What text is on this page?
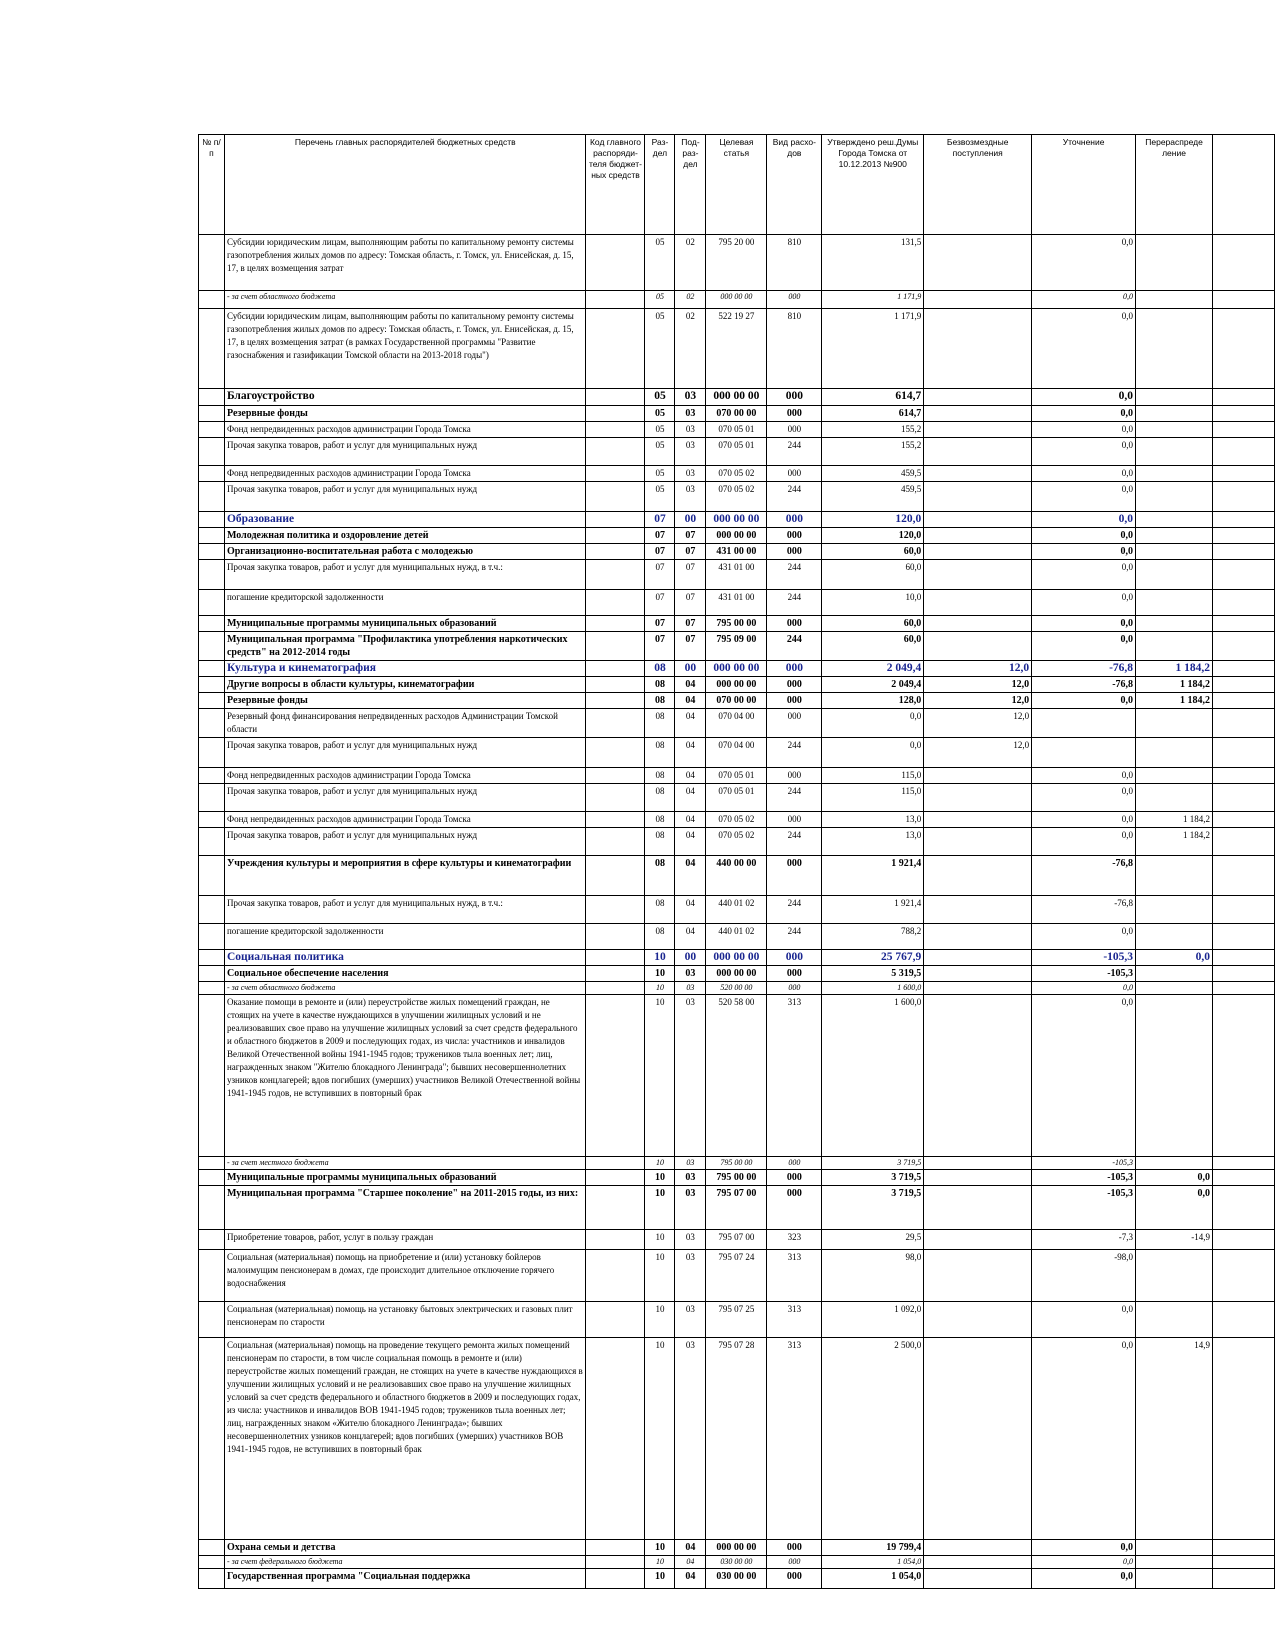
№ п/п	Перечень главных распорядителей бюджетных средств	Код главного распоряди-теля бюджет-ных средств	Раз-дел	Под-раз-дел	Целевая статья	Вид расхо-дов	Утверждено реш.Думы Города Томска от 10.12.2013 №900	Безвозмездные поступления	Уточнение	Перераспреде ление	
	Субсидии юридическим лицам, выполняющим работы по капитальному ремонту системы газопотребления жилых домов по адресу: Томская область, г. Томск, ул. Енисейская, д. 15, 17, в целях возмещения затрат		05	02	795 20 00	810	131,5		0,0		
	- за счет областного бюджета		05	02	000 00 00	000	1 171,9		0,0		
	Субсидии юридическим лицам, выполняющим работы по капитальному ремонту системы газопотребления жилых домов по адресу: Томская область, г. Томск, ул. Енисейская, д. 15, 17, в целях возмещения затрат (в рамках Государственной программы "Развитие газоснабжения и газификации Томской области на 2013-2018 годы")		05	02	522 19 27	810	1 171,9		0,0		
	Благоустройство		05	03	000 00 00	000	614,7		0,0		
	Резервные фонды		05	03	070 00 00	000	614,7		0,0		
	Фонд непредвиденных расходов администрации Города Томска		05	03	070 05 01	000	155,2		0,0		
	Прочая закупка товаров, работ и услуг для муниципальных нужд		05	03	070 05 01	244	155,2		0,0		
	Фонд непредвиденных расходов администрации Города Томска		05	03	070 05 02	000	459,5		0,0		
	Прочая закупка товаров, работ и услуг для муниципальных нужд		05	03	070 05 02	244	459,5		0,0		
	Образование		07	00	000 00 00	000	120,0		0,0		
	Молодежная политика и оздоровление детей		07	07	000 00 00	000	120,0		0,0		
	Организационно-воспитательная работа с молодежью		07	07	431 00 00	000	60,0		0,0		
	Прочая закупка товаров, работ и услуг для муниципальных нужд, в т.ч.:		07	07	431 01 00	244	60,0		0,0		
	погашение кредиторской задолженности		07	07	431 01 00	244	10,0		0,0		
	Муниципальные программы муниципальных образований		07	07	795 00 00	000	60,0		0,0		
	Муниципальная программа "Профилактика употребления наркотических средств" на 2012-2014 годы		07	07	795 09 00	244	60,0		0,0		
	Культура и кинематография		08	00	000 00 00	000	2 049,4	12,0	-76,8	1 184,2	
	Другие вопросы в области культуры, кинематографии		08	04	000 00 00	000	2 049,4	12,0	-76,8	1 184,2	
	Резервные фонды		08	04	070 00 00	000	128,0	12,0	0,0	1 184,2	
	Резервный фонд финансирования непредвиденных расходов Администрации Томской области		08	04	070 04 00	000	0,0	12,0			
	Прочая закупка товаров, работ и услуг для муниципальных нужд		08	04	070 04 00	244	0,0	12,0			
	Фонд непредвиденных расходов администрации Города Томска		08	04	070 05 01	000	115,0		0,0		
	Прочая закупка товаров, работ и услуг для муниципальных нужд		08	04	070 05 01	244	115,0		0,0		
	Фонд непредвиденных расходов администрации Города Томска		08	04	070 05 02	000	13,0		0,0	1 184,2	
	Прочая закупка товаров, работ и услуг для муниципальных нужд		08	04	070 05 02	244	13,0		0,0	1 184,2	
	Учреждения культуры и мероприятия в сфере культуры и кинематографии		08	04	440 00 00	000	1 921,4		-76,8		
	Прочая закупка товаров, работ и услуг для муниципальных нужд, в т.ч.:		08	04	440 01 02	244	1 921,4		-76,8		
	погашение кредиторской задолженности		08	04	440 01 02	244	788,2		0,0		
	Социальная политика		10	00	000 00 00	000	25 767,9		-105,3	0,0	
	Социальное обеспечение населения		10	03	000 00 00	000	5 319,5		-105,3		
	- за счет областного бюджета		10	03	520 00 00	000	1 600,0		0,0		
	Оказание помощи в ремонте и (или) переустройстве жилых помещений граждан, не стоящих на учете в качестве нуждающихся в улучшении жилищных условий и не реализовавших свое право на улучшение жилищных условий за счет средств федерального и областного бюджетов в 2009 и последующих годах, из числа: участников и инвалидов Великой Отечественной войны 1941-1945 годов; тружеников тыла военных лет; лиц, награжденных знаком "Жителю блокадного Ленинграда"; бывших несовершеннолетних узников концлагерей; вдов погибших (умерших) участников Великой Отечественной войны 1941-1945 годов, не вступивших в повторный брак		10	03	520 58 00	313	1 600,0		0,0		
	- за счет местного бюджета		10	03	795 00 00	000	3 719,5		-105,3		
	Муниципальные программы муниципальных образований		10	03	795 00 00	000	3 719,5		-105,3	0,0	
	Муниципальная программа "Старшее поколение" на 2011-2015 годы, из них:		10	03	795 07 00	000	3 719,5		-105,3	0,0	
	Приобретение товаров, работ, услуг в пользу граждан		10	03	795 07 00	323	29,5		-7,3	-14,9	
	Социальная (материальная) помощь на приобретение и (или) установку бойлеров малоимущим пенсионерам в домах, где происходит длительное отключение горячего водоснабжения		10	03	795 07 24	313	98,0		-98,0		
	Социальная (материальная) помощь на установку бытовых электрических и газовых плит пенсионерам по старости		10	03	795 07 25	313	1 092,0		0,0		
	Социальная (материальная) помощь на проведение текущего ремонта жилых помещений пенсионерам по старости, в том числе социальная помощь в ремонте и (или) переустройстве жилых помещений граждан, не стоящих на учете в качестве нуждающихся в улучшении жилищных условий и не реализовавших свое право на улучшение жилищных условий за счет средств федерального и областного бюджетов в 2009 и последующих годах, из числа: участников и инвалидов ВОВ 1941-1945 годов; тружеников тыла военных лет; лиц, награжденных знаком «Жителю блокадного Ленинграда»; бывших несовершеннолетних узников концлагерей; вдов погибших (умерших) участников ВОВ 1941-1945 годов, не вступивших в повторный брак		10	03	795 07 28	313	2 500,0		0,0	14,9	
	Охрана семьи и детства		10	04	000 00 00	000	19 799,4		0,0		
	- за счет федерального бюджета		10	04	030 00 00	000	1 054,0		0,0		
	Государственная программа "Социальная поддержка		10	04	030 00 00	000	1 054,0		0,0		
